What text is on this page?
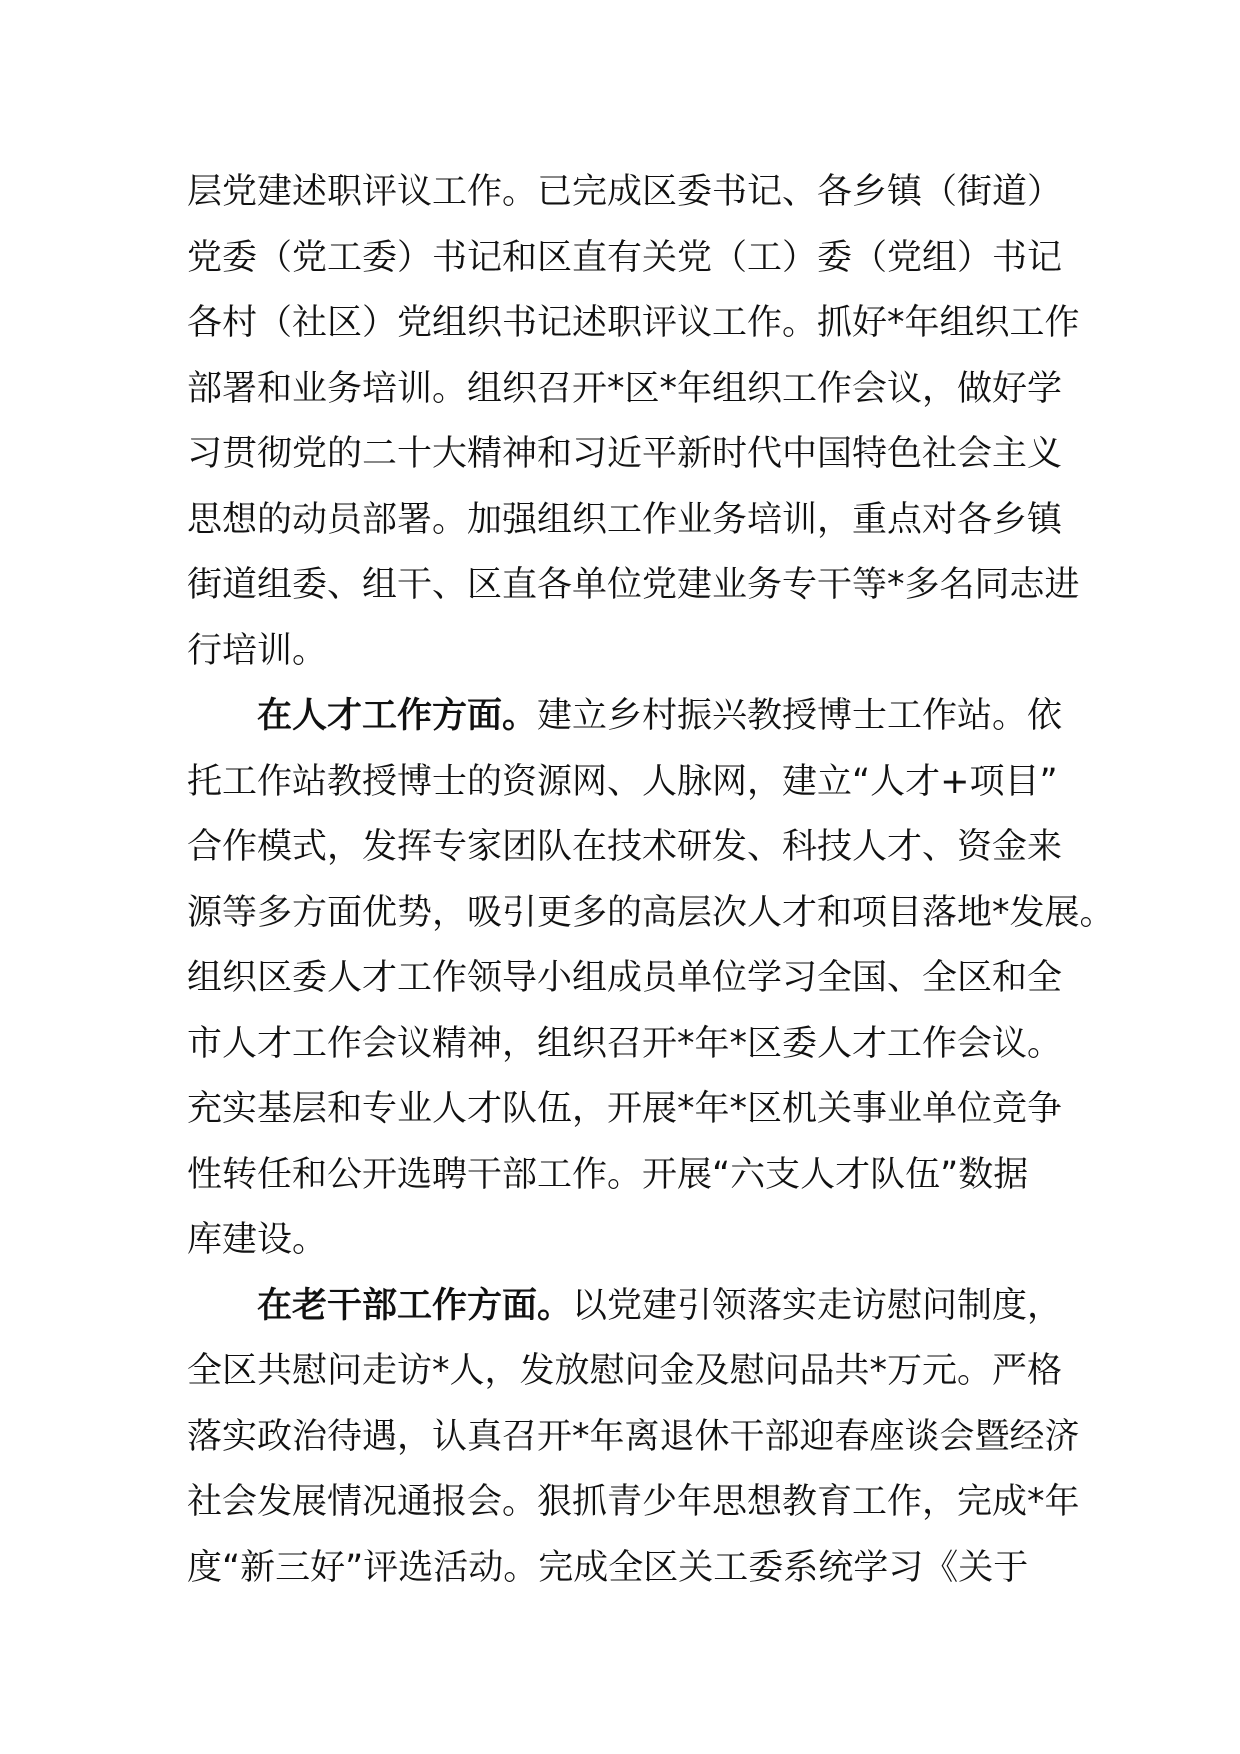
层党建述职评议工作。已完成区委书记、各乡镇（街道）
党委（党工委）书记和区直有关党（工）委（党组）书记
各村（社区）党组织书记述职评议工作。抓好*年组织工作
部署和业务培训。组织召开*区*年组织工作会议，做好学
习贯彻党的二十大精神和习近平新时代中国特色社会主义
思想的动员部署。加强组织工作业务培训，重点对各乡镇
街道组委、组干、区直各单位党建业务专干等*多名同志进
行培训。
在人才工作方面。建立乡村振兴教授博士工作站。依
托工作站教授博士的资源网、人脉网，建立“人才+项目”
合作模式，发挥专家团队在技术研发、科技人才、资金来
源等多方面优势，吸引更多的高层次人才和项目落地*发展。
组织区委人才工作领导小组成员单位学习全国、全区和全
市人才工作会议精神，组织召开*年*区委人才工作会议。
充实基层和专业人才队伍，开展*年*区机关事业单位竞争
性转任和公开选聘干部工作。开展“六支人才队伍”数据
库建设。
在老干部工作方面。以党建引领落实走访慰问制度，
全区共慰问走访*人，发放慰问金及慰问品共*万元。严格
落实政治待遇，认真召开*年离退休干部迎春座谈会暨经济
社会发展情况通报会。狠抓青少年思想教育工作，完成*年
度“新三好”评选活动。完成全区关工委系统学习《关于
